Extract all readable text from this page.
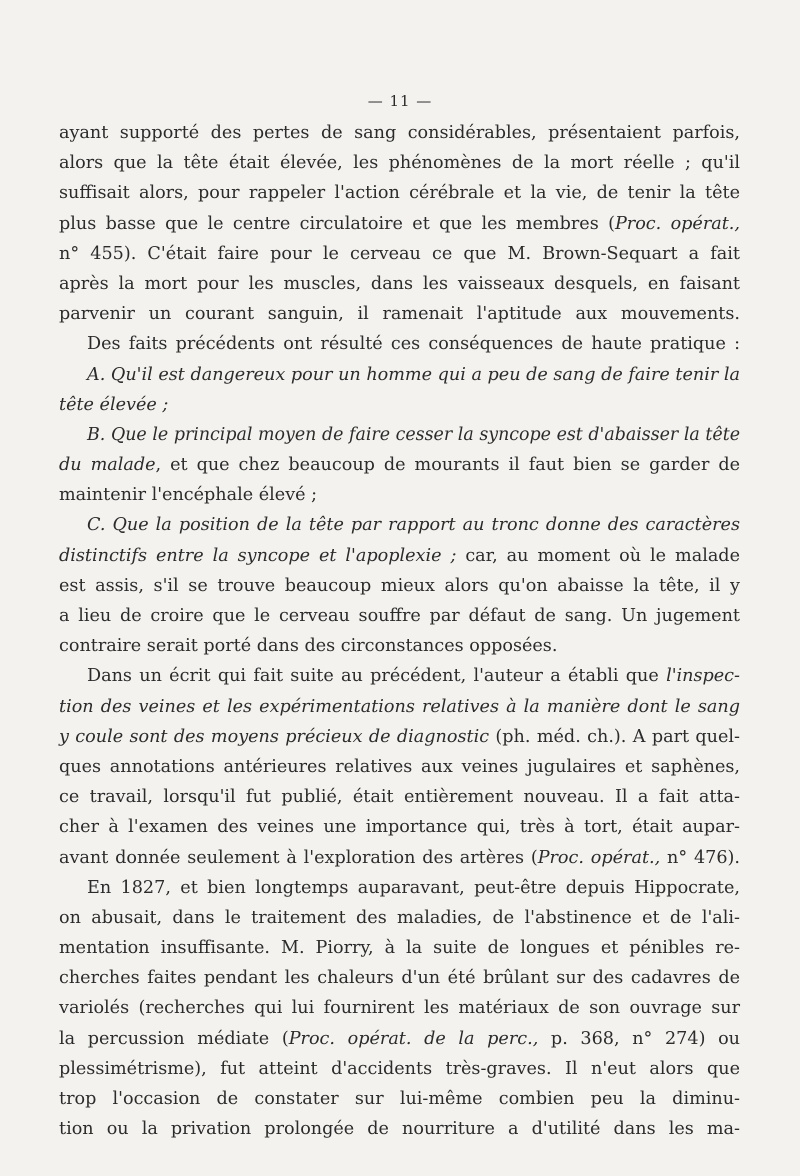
— 11 —
ayant supporté des pertes de sang considérables, présentaient parfois,
alors que la tête était élevée, les phénomènes de la mort réelle ; qu'il
suffisait alors, pour rappeler l'action cérébrale et la vie, de tenir la tête
plus basse que le centre circulatoire et que les membres (Proc. opérat.,
n° 455). C'était faire pour le cerveau ce que M. Brown-Sequart a fait
après la mort pour les muscles, dans les vaisseaux desquels, en faisant
parvenir un courant sanguin, il ramenait l'aptitude aux mouvements.
Des faits précédents ont résulté ces conséquences de haute pratique :
A. Qu'il est dangereux pour un homme qui a peu de sang de faire tenir la
tête élevée ;
B. Que le principal moyen de faire cesser la syncope est d'abaisser la tête
du malade, et que chez beaucoup de mourants il faut bien se garder de
maintenir l'encéphale élevé ;
C. Que la position de la tête par rapport au tronc donne des caractères
distinctifs entre la syncope et l'apoplexie ; car, au moment où le malade
est assis, s'il se trouve beaucoup mieux alors qu'on abaisse la tête, il y
a lieu de croire que le cerveau souffre par défaut de sang. Un jugement
contraire serait porté dans des circonstances opposées.
Dans un écrit qui fait suite au précédent, l'auteur a établi que l'inspec-
tion des veines et les expérimentations relatives à la manière dont le sang
y coule sont des moyens précieux de diagnostic (ph. méd. ch.). A part quel-
ques annotations antérieures relatives aux veines jugulaires et saphènes,
ce travail, lorsqu'il fut publié, était entièrement nouveau. Il a fait atta-
cher à l'examen des veines une importance qui, très à tort, était aupar-
avant donnée seulement à l'exploration des artères (Proc. opérat., n° 476).
En 1827, et bien longtemps auparavant, peut-être depuis Hippocrate,
on abusait, dans le traitement des maladies, de l'abstinence et de l'ali-
mentation insuffisante. M. Piorry, à la suite de longues et pénibles re-
cherches faites pendant les chaleurs d'un été brûlant sur des cadavres de
variolés (recherches qui lui fournirent les matériaux de son ouvrage sur
la percussion médiate (Proc. opérat. de la perc., p. 368, n° 274) ou
plessimétrisme), fut atteint d'accidents très-graves. Il n'eut alors que
trop l'occasion de constater sur lui-même combien peu la diminu-
tion ou la privation prolongée de nourriture a d'utilité dans les ma-
